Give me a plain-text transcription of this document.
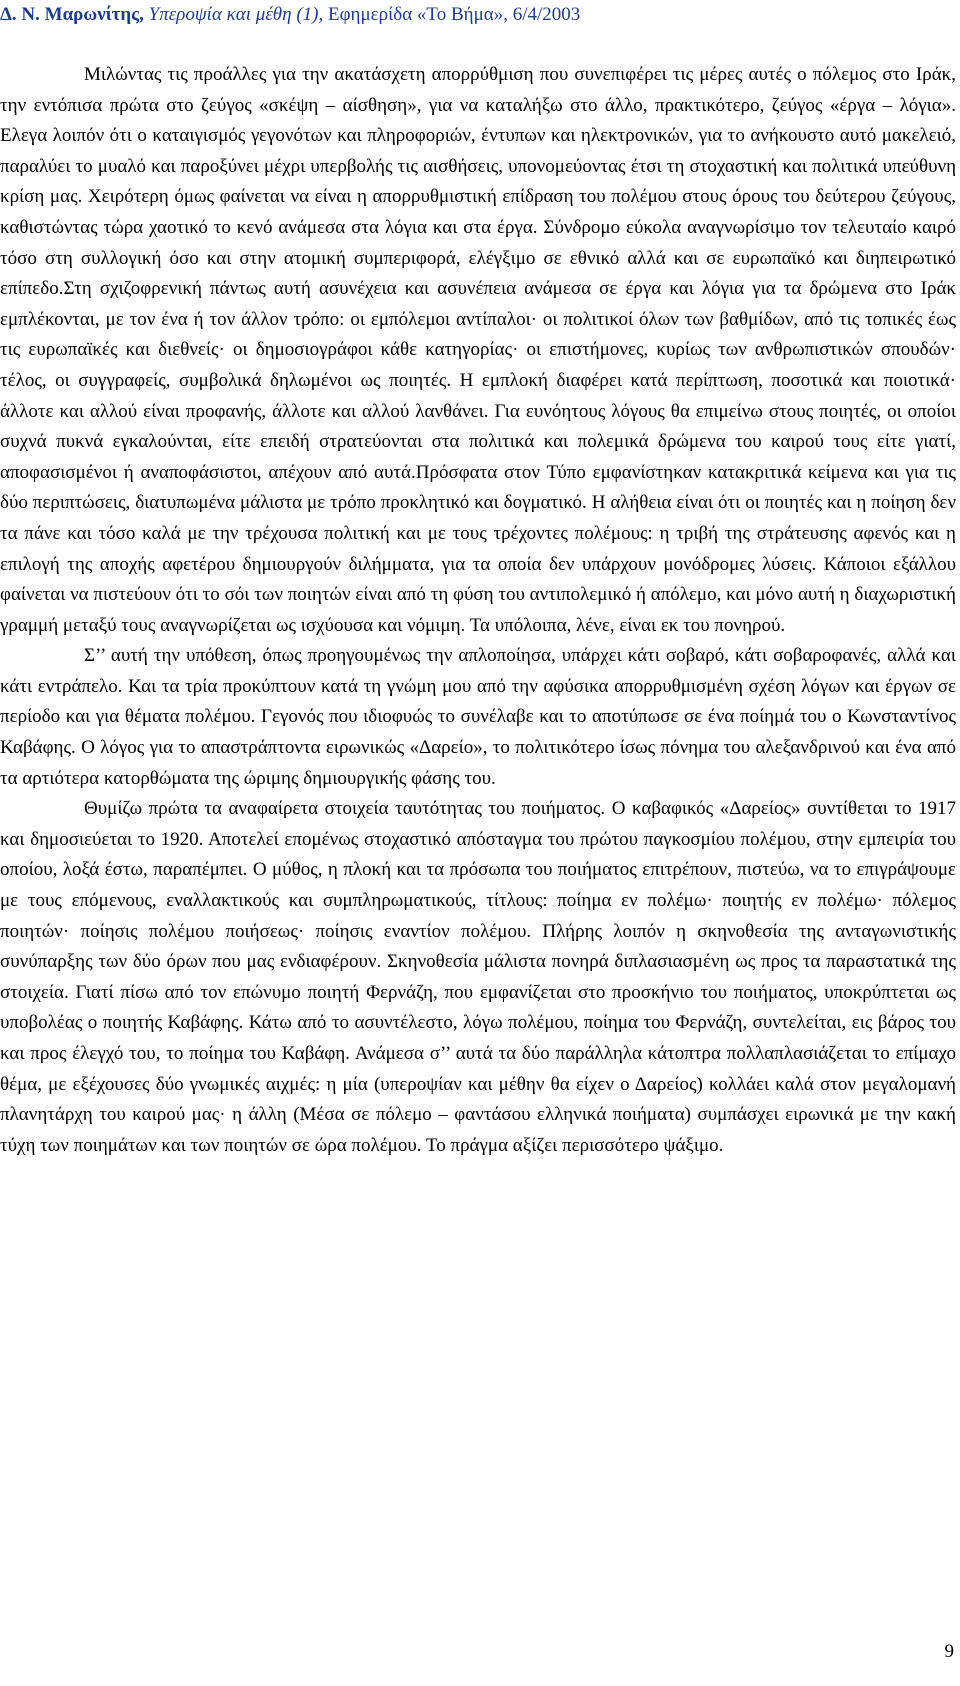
Δ. Ν. Μαρωνίτης, Υπεροψία και μέθη (1), Εφημερίδα «Το Βήμα», 6/4/2003

Μιλώντας τις προάλλες για την ακατάσχετη απορρύθμιση που συνεπιφέρει τις μέρες αυτές ο πόλεμος στο Ιράκ, την εντόπισα πρώτα στο ζεύγος «σκέψη – αίσθηση», για να καταλήξω στο άλλο, πρακτικότερο, ζεύγος «έργα – λόγια». Ελεγα λοιπόν ότι ο καταιγισμός γεγονότων και πληροφοριών, έντυπων και ηλεκτρονικών, για το ανήκουστο αυτό μακελειό, παραλύει το μυαλό και παροξύνει μέχρι υπερβολής τις αισθήσεις, υπονομεύοντας έτσι τη στοχαστική και πολιτικά υπεύθυνη κρίση μας. Χειρότερη όμως φαίνεται να είναι η απορρυθμιστική επίδραση του πολέμου στους όρους του δεύτερου ζεύγους, καθιστώντας τώρα χαοτικό το κενό ανάμεσα στα λόγια και στα έργα. Σύνδρομο εύκολα αναγνωρίσιμο τον τελευταίο καιρό τόσο στη συλλογική όσο και στην ατομική συμπεριφορά, ελέγξιμο σε εθνικό αλλά και σε ευρωπαϊκό και διηπειρωτικό επίπεδο.Στη σχιζοφρενική πάντως αυτή ασυνέχεια και ασυνέπεια ανάμεσα σε έργα και λόγια για τα δρώμενα στο Ιράκ εμπλέκονται, με τον ένα ή τον άλλον τρόπο: οι εμπόλεμοι αντίπαλοι· οι πολιτικοί όλων των βαθμίδων, από τις τοπικές έως τις ευρωπαϊκές και διεθνείς· οι δημοσιογράφοι κάθε κατηγορίας· οι επιστήμονες, κυρίως των ανθρωπιστικών σπουδών· τέλος, οι συγγραφείς, συμβολικά δηλωμένοι ως ποιητές. Η εμπλοκή διαφέρει κατά περίπτωση, ποσοτικά και ποιοτικά· άλλοτε και αλλού είναι προφανής, άλλοτε και αλλού λανθάνει. Για ευνόητους λόγους θα επιμείνω στους ποιητές, οι οποίοι συχνά πυκνά εγκαλούνται, είτε επειδή στρατεύονται στα πολιτικά και πολεμικά δρώμενα του καιρού τους είτε γιατί, αποφασισμένοι ή αναποφάσιστοι, απέχουν από αυτά.Πρόσφατα στον Τύπο εμφανίστηκαν κατακριτικά κείμενα και για τις δύο περιπτώσεις, διατυπωμένα μάλιστα με τρόπο προκλητικό και δογματικό. Η αλήθεια είναι ότι οι ποιητές και η ποίηση δεν τα πάνε και τόσο καλά με την τρέχουσα πολιτική και με τους τρέχοντες πολέμους: η τριβή της στράτευσης αφενός και η επιλογή της αποχής αφετέρου δημιουργούν διλήμματα, για τα οποία δεν υπάρχουν μονόδρομες λύσεις. Κάποιοι εξάλλου φαίνεται να πιστεύουν ότι το σόι των ποιητών είναι από τη φύση του αντιπολεμικό ή απόλεμο, και μόνο αυτή η διαχωριστική γραμμή μεταξύ τους αναγνωρίζεται ως ισχύουσα και νόμιμη. Τα υπόλοιπα, λένε, είναι εκ του πονηρού.

Σ’’ αυτή την υπόθεση, όπως προηγουμένως την απλοποίησα, υπάρχει κάτι σοβαρό, κάτι σοβαροφανές, αλλά και κάτι εντράπελο. Και τα τρία προκύπτουν κατά τη γνώμη μου από την αφύσικα απορρυθμισμένη σχέση λόγων και έργων σε περίοδο και για θέματα πολέμου. Γεγονός που ιδιοφυώς το συνέλαβε και το αποτύπωσε σε ένα ποίημά του ο Κωνσταντίνος Καβάφης. Ο λόγος για το απαστράπτοντα ειρωνικώς «Δαρείο», το πολιτικότερο ίσως πόνημα του αλεξανδρινού και ένα από τα αρτιότερα κατορθώματα της ώριμης δημιουργικής φάσης του.

Θυμίζω πρώτα τα αναφαίρετα στοιχεία ταυτότητας του ποιήματος. Ο καβαφικός «Δαρείος» συντίθεται το 1917 και δημοσιεύεται το 1920. Αποτελεί επομένως στοχαστικό απόσταγμα του πρώτου παγκοσμίου πολέμου, στην εμπειρία του οποίου, λοξά έστω, παραπέμπει. Ο μύθος, η πλοκή και τα πρόσωπα του ποιήματος επιτρέπουν, πιστεύω, να το επιγράψουμε με τους επόμενους, εναλλακτικούς και συμπληρωματικούς, τίτλους: ποίημα εν πολέμω· ποιητής εν πολέμω· πόλεμος ποιητών· ποίησις πολέμου ποιήσεως· ποίησις εναντίον πολέμου. Πλήρης λοιπόν η σκηνοθεσία της ανταγωνιστικής συνύπαρξης των δύο όρων που μας ενδιαφέρουν. Σκηνοθεσία μάλιστα πονηρά διπλασιασμένη ως προς τα παραστατικά της στοιχεία. Γιατί πίσω από τον επώνυμο ποιητή Φερνάζη, που εμφανίζεται στο προσκήνιο του ποιήματος, υποκρύπτεται ως υποβολέας ο ποιητής Καβάφης. Κάτω από το ασυντέλεστο, λόγω πολέμου, ποίημα του Φερνάζη, συντελείται, εις βάρος του και προς έλεγχό του, το ποίημα του Καβάφη. Ανάμεσα σ’’ αυτά τα δύο παράλληλα κάτοπτρα πολλαπλασιάζεται το επίμαχο θέμα, με εξέχουσες δύο γνωμικές αιχμές: η μία (υπεροψίαν και μέθην θα είχεν ο Δαρείος) κολλάει καλά στον μεγαλομανή πλανητάρχη του καιρού μας· η άλλη (Μέσα σε πόλεμο – φαντάσου ελληνικά ποιήματα) συμπάσχει ειρωνικά με την κακή τύχη των ποιημάτων και των ποιητών σε ώρα πολέμου. Το πράγμα αξίζει περισσότερο ψάξιμο.

9
